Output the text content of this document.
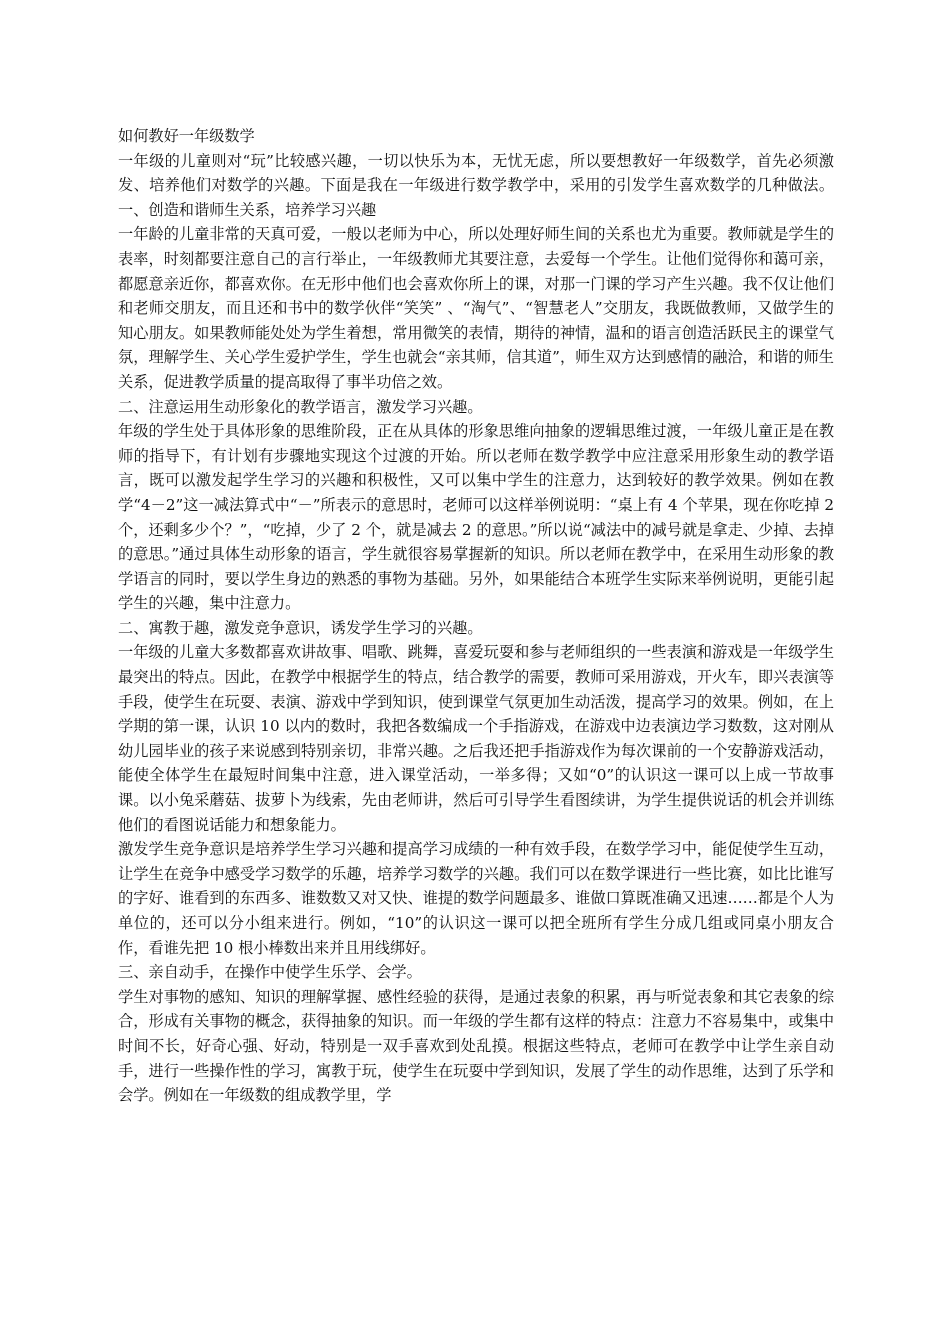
如何教好一年级数学

一年级的儿童则对“玩”比较感兴趣，一切以快乐为本，无忧无虑，所以要想教好一年级数学，首先必须激发、培养他们对数学的兴趣。下面是我在一年级进行数学教学中，采用的引发学生喜欢数学的几种做法。 一、创造和谐师生关系，培养学习兴趣

一年龄的儿童非常的天真可爱，一般以老师为中心，所以处理好师生间的关系也尤为重要。教师就是学生的表率，时刻都要注意自己的言行举止，一年级教师尤其要注意，去爱每一个学生。让他们觉得你和蔼可亲，都愿意亲近你，都喜欢你。在无形中他们也会喜欢你所上的课，对那一门课的学习产生兴趣。我不仅让他们和老师交朋友，而且还和书中的数学伙伴“笑笑” 、“淘气”、“智慧老人”交朋友，我既做教师，又做学生的知心朋友。如果教师能处处为学生着想，常用微笑的表情，期待的神情，温和的语言创造活跃民主的课堂气氛，理解学生、关心学生爱护学生，学生也就会“亲其师，信其道”，师生双方达到感情的融洽，和谐的师生关系，促进教学质量的提高取得了事半功倍之效。

二、注意运用生动形象化的教学语言，激发学习兴趣。

年级的学生处于具体形象的思维阶段，正在从具体的形象思维向抽象的逻辑思维过渡，一年级儿童正是在教师的指导下，有计划有步骤地实现这个过渡的开始。所以老师在数学教学中应注意采用形象生动的教学语言，既可以激发起学生学习的兴趣和积极性，又可以集中学生的注意力，达到较好的教学效果。例如在教学“4－2”这一减法算式中“－”所表示的意思时，老师可以这样举例说明：“桌上有 4 个苹果，现在你吃掉 2 个，还剩多少个？”，“吃掉，少了 2 个，就是减去 2 的意思。”所以说“减法中的减号就是拿走、少掉、去掉的意思。”通过具体生动形象的语言，学生就很容易掌握新的知识。所以老师在教学中，在采用生动形象的教学语言的同时，要以学生身边的熟悉的事物为基础。另外，如果能结合本班学生实际来举例说明，更能引起学生的兴趣，集中注意力。

二、寓教于趣，激发竞争意识，诱发学生学习的兴趣。

一年级的儿童大多数都喜欢讲故事、唱歌、跳舞，喜爱玩耍和参与老师组织的一些表演和游戏是一年级学生最突出的特点。因此，在教学中根据学生的特点，结合教学的需要，教师可采用游戏，开火车，即兴表演等手段，使学生在玩耍、表演、游戏中学到知识，使到课堂气氛更加生动活泼，提高学习的效果。例如，在上学期的第一课，认识 10 以内的数时，我把各数编成一个手指游戏，在游戏中边表演边学习数数，这对刚从幼儿园毕业的孩子来说感到特别亲切，非常兴趣。之后我还把手指游戏作为每次课前的一个安静游戏活动，能使全体学生在最短时间集中注意，进入课堂活动，一举多得；又如“0”的认识这一课可以上成一节故事课。以小兔采蘑菇、拔萝卜为线索，先由老师讲，然后可引导学生看图续讲，为学生提供说话的机会并训练他们的看图说话能力和想象能力。

激发学生竞争意识是培养学生学习兴趣和提高学习成绩的一种有效手段，在数学学习中，能促使学生互动，让学生在竞争中感受学习数学的乐趣，培养学习数学的兴趣。我们可以在数学课进行一些比赛，如比比谁写的字好、谁看到的东西多、谁数数又对又快、谁提的数学问题最多、谁做口算既准确又迅速……都是个人为单位的，还可以分小组来进行。例如，“10”的认识这一课可以把全班所有学生分成几组或同桌小朋友合作，看谁先把 10 根小棒数出来并且用线绑好。

三、亲自动手，在操作中使学生乐学、会学。

学生对事物的感知、知识的理解掌握、感性经验的获得，是通过表象的积累，再与听觉表象和其它表象的综合，形成有关事物的概念，获得抽象的知识。而一年级的学生都有这样的特点：注意力不容易集中，或集中时间不长，好奇心强、好动，特别是一双手喜欢到处乱摸。根据这些特点，老师可在教学中让学生亲自动手，进行一些操作性的学习，寓教于玩，使学生在玩耍中学到知识，发展了学生的动作思维，达到了乐学和会学。例如在一年级数的组成教学里，学
